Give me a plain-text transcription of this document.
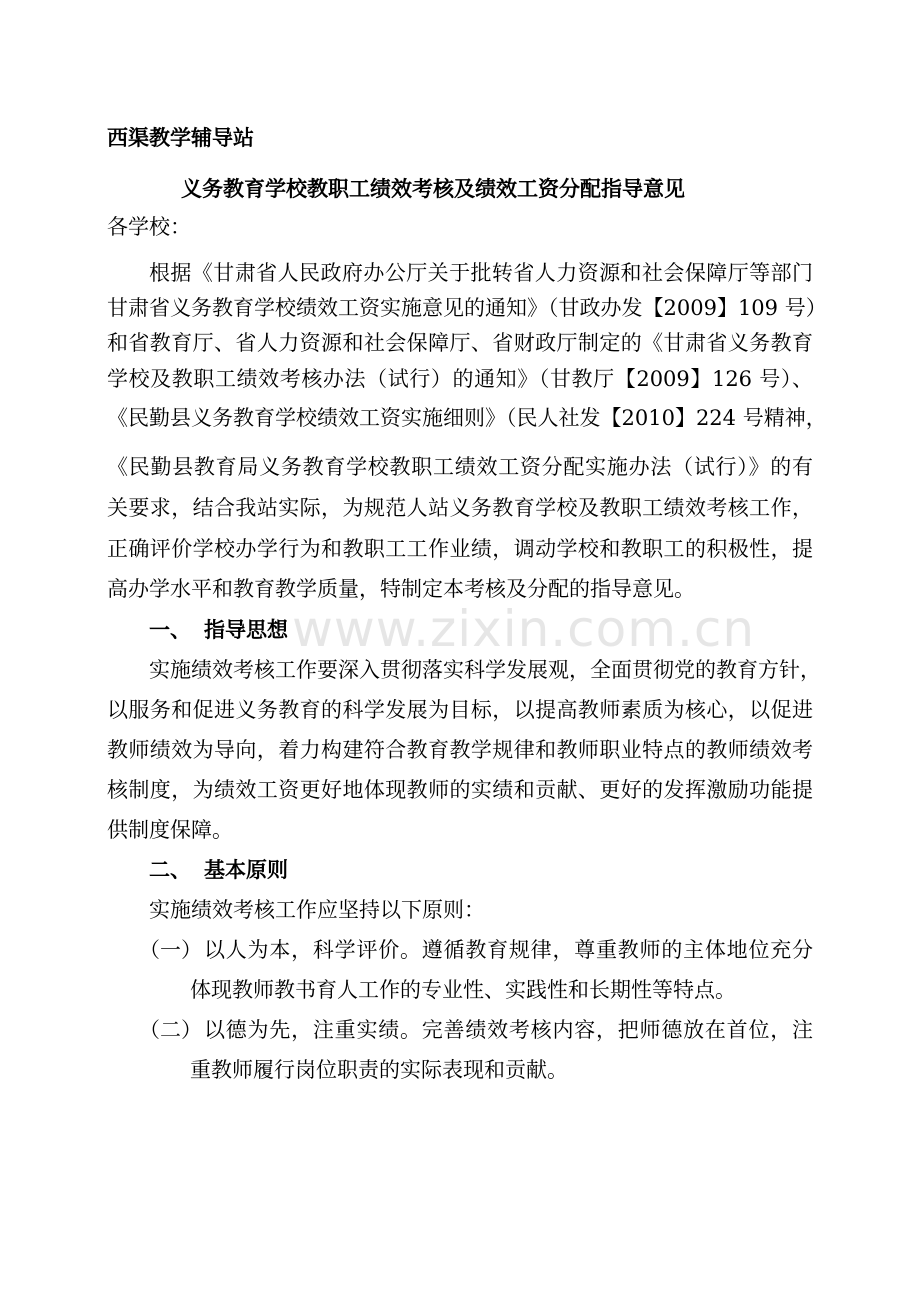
www.zixin.com.cn
西渠教学辅导站
义务教育学校教职工绩效考核及绩效工资分配指导意见
各学校：
根据《甘肃省人民政府办公厅关于批转省人力资源和社会保障厅等部门
甘肃省义务教育学校绩效工资实施意见的通知》（甘政办发【2009】109 号）
和省教育厅、省人力资源和社会保障厅、省财政厅制定的《甘肃省义务教育
学校及教职工绩效考核办法（试行）的通知》（甘教厅【2009】126 号）、
《民勤县义务教育学校绩效工资实施细则》（民人社发【2010】224 号精神，
《民勤县教育局义务教育学校教职工绩效工资分配实施办法（试行）》的有
关要求，结合我站实际，为规范人站义务教育学校及教职工绩效考核工作，
正确评价学校办学行为和教职工工作业绩，调动学校和教职工的积极性，提
高办学水平和教育教学质量，特制定本考核及分配的指导意见。
一、 指导思想
实施绩效考核工作要深入贯彻落实科学发展观，全面贯彻党的教育方针，
以服务和促进义务教育的科学发展为目标，以提高教师素质为核心，以促进
教师绩效为导向，着力构建符合教育教学规律和教师职业特点的教师绩效考
核制度，为绩效工资更好地体现教师的实绩和贡献、更好的发挥激励功能提
供制度保障。
二、 基本原则
实施绩效考核工作应坚持以下原则：
（一） 以人为本，科学评价。遵循教育规律，尊重教师的主体地位充分
体现教师教书育人工作的专业性、实践性和长期性等特点。
（二） 以德为先，注重实绩。完善绩效考核内容，把师德放在首位，注
重教师履行岗位职责的实际表现和贡献。
